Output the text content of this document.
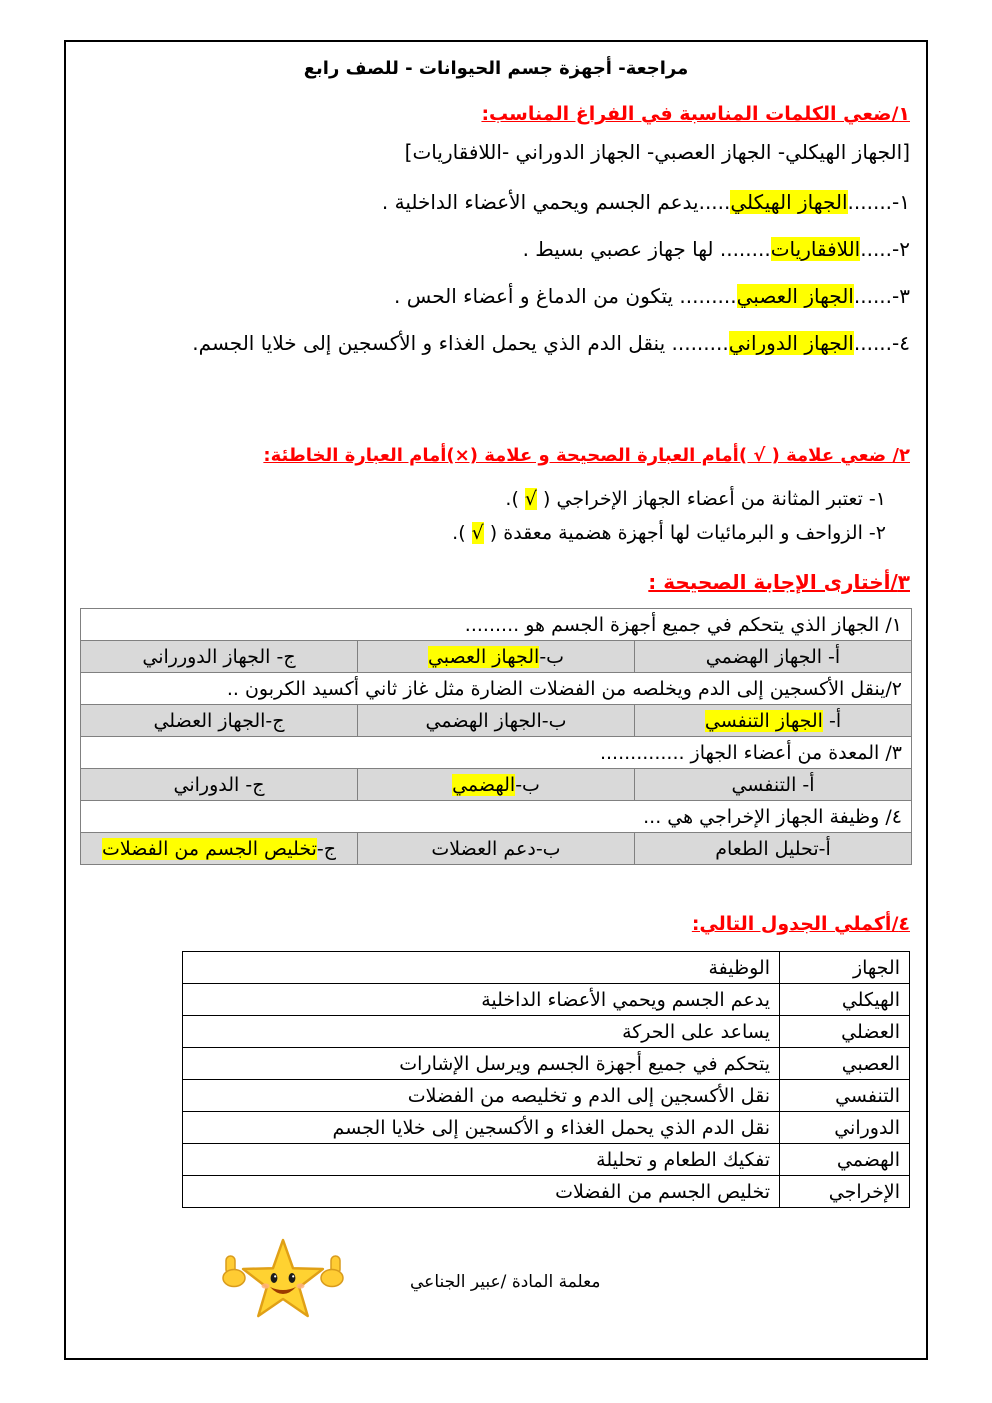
مراجعة- أجهزة جسم الحيوانات - للصف رابع
١/ضعي الكلمات المناسبة في الفراغ المناسب:
[الجهاز الهيكلي- الجهاز العصبي- الجهاز الدوراني -اللافقاريات]
١-.......الجهاز الهيكلي.....يدعم الجسم ويحمي الأعضاء الداخلية .
٢-.....اللافقاريات........ لها جهاز عصبي بسيط .
٣-......الجهاز العصبي......... يتكون من الدماغ و أعضاء الحس .
٤-......الجهاز الدوراني......... ينقل الدم الذي يحمل الغذاء و الأكسجين إلى خلايا الجسم.
٢/ ضعي علامة ( √ )أمام العبارة الصحيحة و علامة (×)أمام العبارة الخاطئة:
١- تعتبر المثانة من أعضاء الجهاز الإخراجي ( √ ).
٢- الزواحف و البرمائيات لها أجهزة هضمية معقدة ( √ ).
٣/أختارى الإجابة الصحيحة :
١/ الجهاز الذي يتحكم في جميع أجهزة الجسم هو .........		
أ- الجهاز الهضمي	ب-الجهاز العصبي	ج- الجهاز الدورراني
٢/ينقل الأكسجين إلى الدم ويخلصه من الفضلات الضارة مثل غاز ثاني أكسيد الكربون ..		
أ- الجهاز التنفسي	ب-الجهاز الهضمي	ج-الجهاز العضلي
٣/ المعدة من أعضاء الجهاز ..............		
أ- التنفسي	ب-الهضمي	ج- الدوراني
٤/ وظيفة الجهاز الإخراجي هي ...		
أ-تحليل الطعام	ب-دعم العضلات	ج-تخليص الجسم من الفضلات
٤/أكملي الجدول التالي:
الجهاز	الوظيفة
الهيكلي	يدعم الجسم ويحمي الأعضاء الداخلية
العضلي	يساعد على الحركة
العصبي	يتحكم في جميع أجهزة الجسم ويرسل الإشارات
التنفسي	نقل الأكسجين إلى الدم و تخليصه من الفضلات
الدوراني	نقل الدم الذي يحمل الغذاء و الأكسجين إلى خلايا الجسم
الهضمي	تفكيك الطعام و تحليلة
الإخراجي	تخليص الجسم من الفضلات
معلمة المادة /عبير الجناعي
